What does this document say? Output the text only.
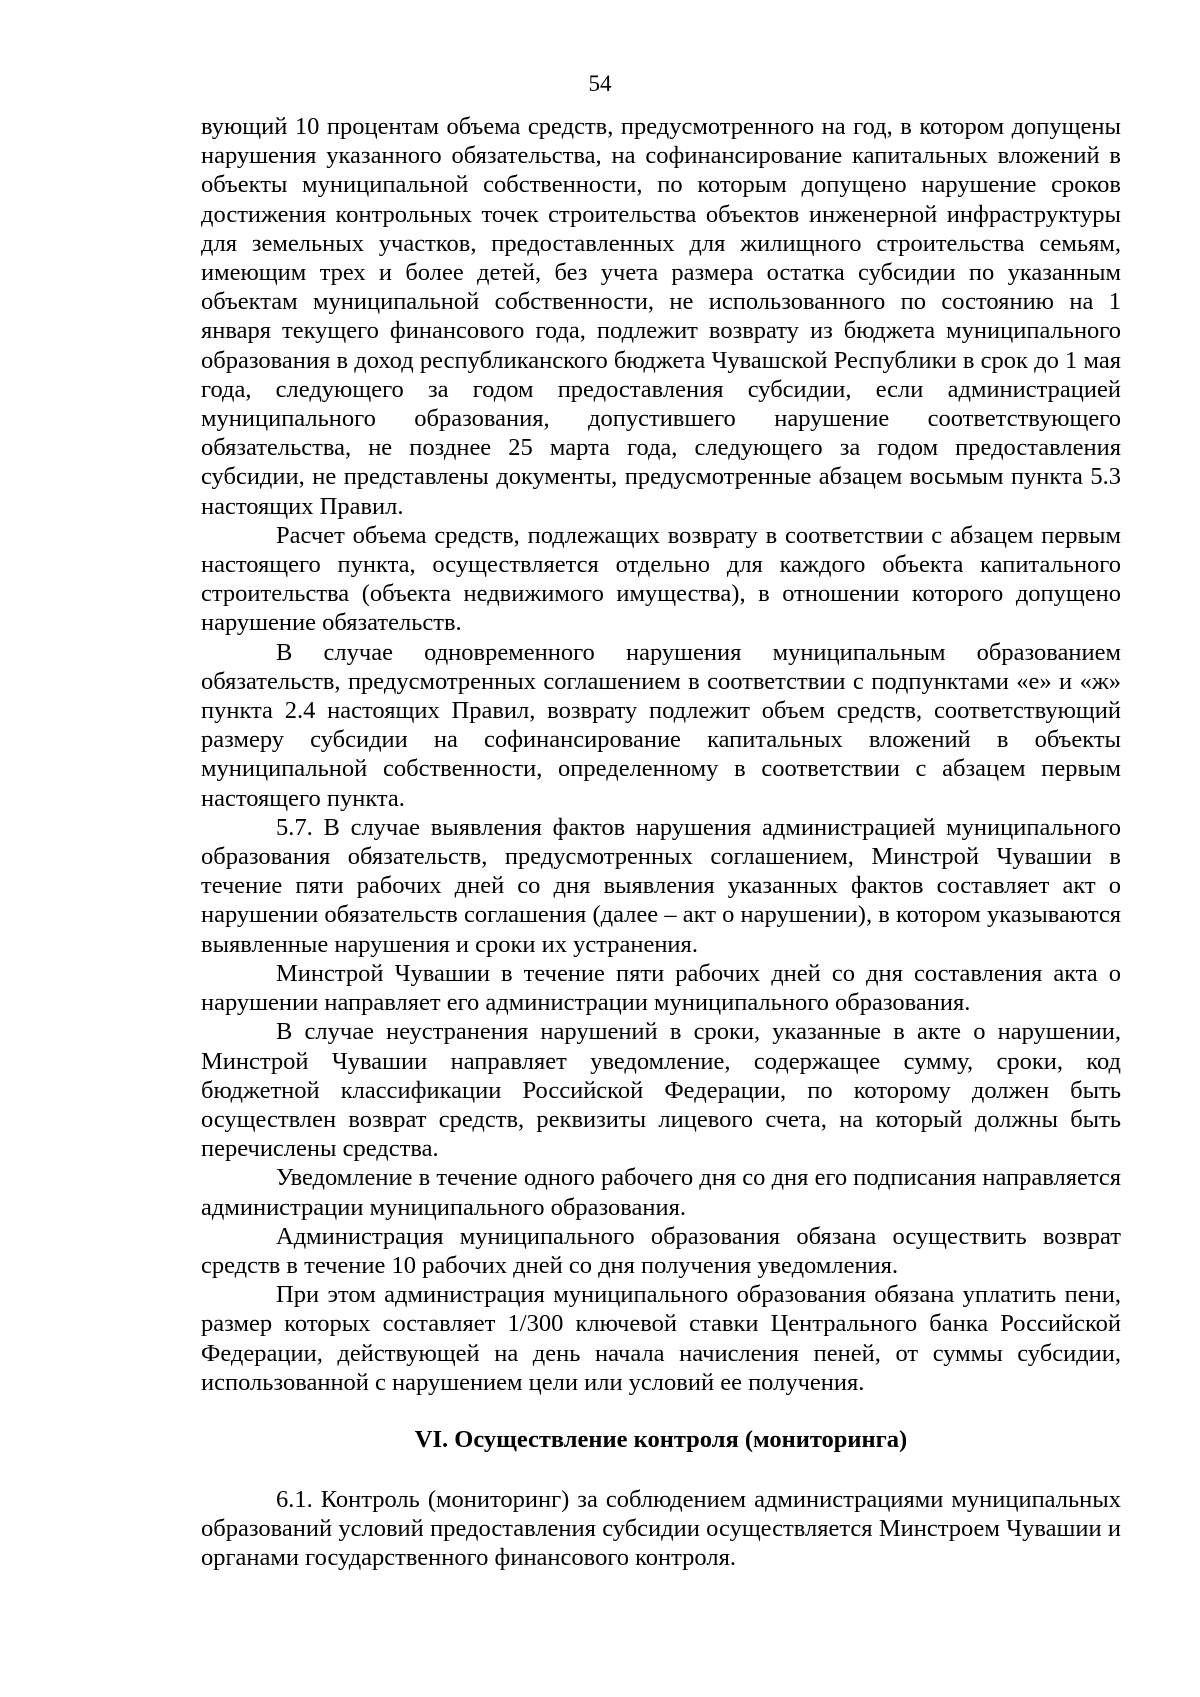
54

вующий 10 процентам объема средств, предусмотренного на год, в котором допущены нарушения указанного обязательства, на софинансирование капитальных вложений в объекты муниципальной собственности, по которым допущено нарушение сроков достижения контрольных точек строительства объектов инженерной инфраструктуры для земельных участков, предоставленных для жилищного строительства семьям, имеющим трех и более детей, без учета размера остатка субсидии по указанным объектам муниципальной собственности, не использованного по состоянию на 1 января текущего финансового года, подлежит возврату из бюджета муниципального образования в доход республиканского бюджета Чувашской Республики в срок до 1 мая года, следующего за годом предоставления субсидии, если администрацией муниципального образования, допустившего нарушение соответствующего обязательства, не позднее 25 марта года, следующего за годом предоставления субсидии, не представлены документы, предусмотренные абзацем восьмым пункта 5.3 настоящих Правил.

Расчет объема средств, подлежащих возврату в соответствии с абзацем первым настоящего пункта, осуществляется отдельно для каждого объекта капитального строительства (объекта недвижимого имущества), в отношении которого допущено нарушение обязательств.

В случае одновременного нарушения муниципальным образованием обязательств, предусмотренных соглашением в соответствии с подпунктами «е» и «ж» пункта 2.4 настоящих Правил, возврату подлежит объем средств, соответствующий размеру субсидии на софинансирование капитальных вложений в объекты муниципальной собственности, определенному в соответствии с абзацем первым настоящего пункта.

5.7. В случае выявления фактов нарушения администрацией муниципального образования обязательств, предусмотренных соглашением, Минстрой Чувашии в течение пяти рабочих дней со дня выявления указанных фактов составляет акт о нарушении обязательств соглашения (далее – акт о нарушении), в котором указываются выявленные нарушения и сроки их устранения.

Минстрой Чувашии в течение пяти рабочих дней со дня составления акта о нарушении направляет его администрации муниципального образования.

В случае неустранения нарушений в сроки, указанные в акте о нарушении, Минстрой Чувашии направляет уведомление, содержащее сумму, сроки, код бюджетной классификации Российской Федерации, по которому должен быть осуществлен возврат средств, реквизиты лицевого счета, на который должны быть перечислены средства.

Уведомление в течение одного рабочего дня со дня его подписания направляется администрации муниципального образования.

Администрация муниципального образования обязана осуществить возврат средств в течение 10 рабочих дней со дня получения уведомления.

При этом администрация муниципального образования обязана уплатить пени, размер которых составляет 1/300 ключевой ставки Центрального банка Российской Федерации, действующей на день начала начисления пеней, от суммы субсидии, использованной с нарушением цели или условий ее получения.

VI. Осуществление контроля (мониторинга)

6.1. Контроль (мониторинг) за соблюдением администрациями муниципальных образований условий предоставления субсидии осуществляется Минстроем Чувашии и органами государственного финансового контроля.
